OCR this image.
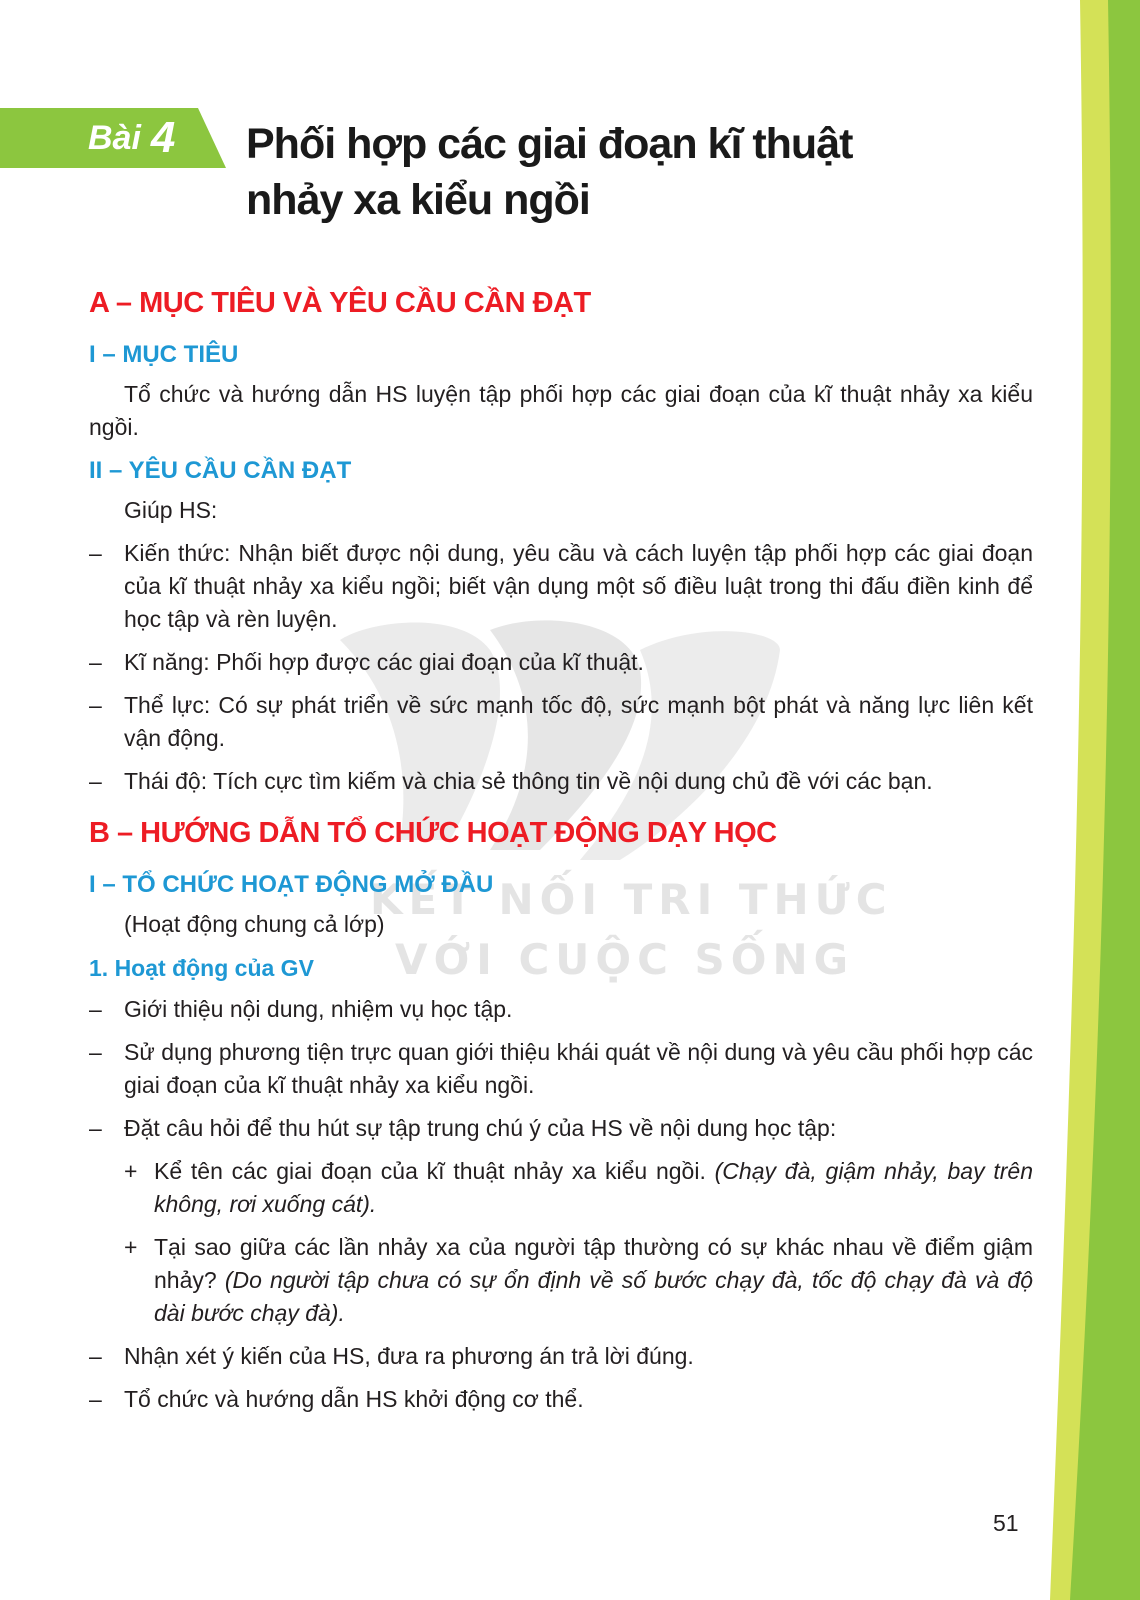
Bài 4 Phối hợp các giai đoạn kĩ thuật
nhảy xa kiểu ngồi
KẾT NỐI TRI THỨC
VỚI CUỘC SỐNG
A – MỤC TIÊU VÀ YÊU CẦU CẦN ĐẠT
I – MỤC TIÊU

Tổ chức và hướng dẫn HS luyện tập phối hợp các giai đoạn của kĩ thuật nhảy xa kiểu ngồi.

II – YÊU CẦU CẦN ĐẠT

Giúp HS:

– Kiến thức: Nhận biết được nội dung, yêu cầu và cách luyện tập phối hợp các giai đoạn của kĩ thuật nhảy xa kiểu ngồi; biết vận dụng một số điều luật trong thi đấu điền kinh để học tập và rèn luyện.
– Kĩ năng: Phối hợp được các giai đoạn của kĩ thuật.
– Thể lực: Có sự phát triển về sức mạnh tốc độ, sức mạnh bột phát và năng lực liên kết vận động.
– Thái độ: Tích cực tìm kiếm và chia sẻ thông tin về nội dung chủ đề với các bạn.
B – HƯỚNG DẪN TỔ CHỨC HOẠT ĐỘNG DẠY HỌC
I – TỔ CHỨC HOẠT ĐỘNG MỞ ĐẦU

(Hoạt động chung cả lớp)

1. Hoạt động của GV
– Giới thiệu nội dung, nhiệm vụ học tập.
– Sử dụng phương tiện trực quan giới thiệu khái quát về nội dung và yêu cầu phối hợp các giai đoạn của kĩ thuật nhảy xa kiểu ngồi.
– Đặt câu hỏi để thu hút sự tập trung chú ý của HS về nội dung học tập:
+ Kể tên các giai đoạn của kĩ thuật nhảy xa kiểu ngồi. (Chạy đà, giậm nhảy, bay trên không, rơi xuống cát).
+ Tại sao giữa các lần nhảy xa của người tập thường có sự khác nhau về điểm giậm nhảy? (Do người tập chưa có sự ổn định về số bước chạy đà, tốc độ chạy đà và độ dài bước chạy đà).
– Nhận xét ý kiến của HS, đưa ra phương án trả lời đúng.
– Tổ chức và hướng dẫn HS khởi động cơ thể.
51
